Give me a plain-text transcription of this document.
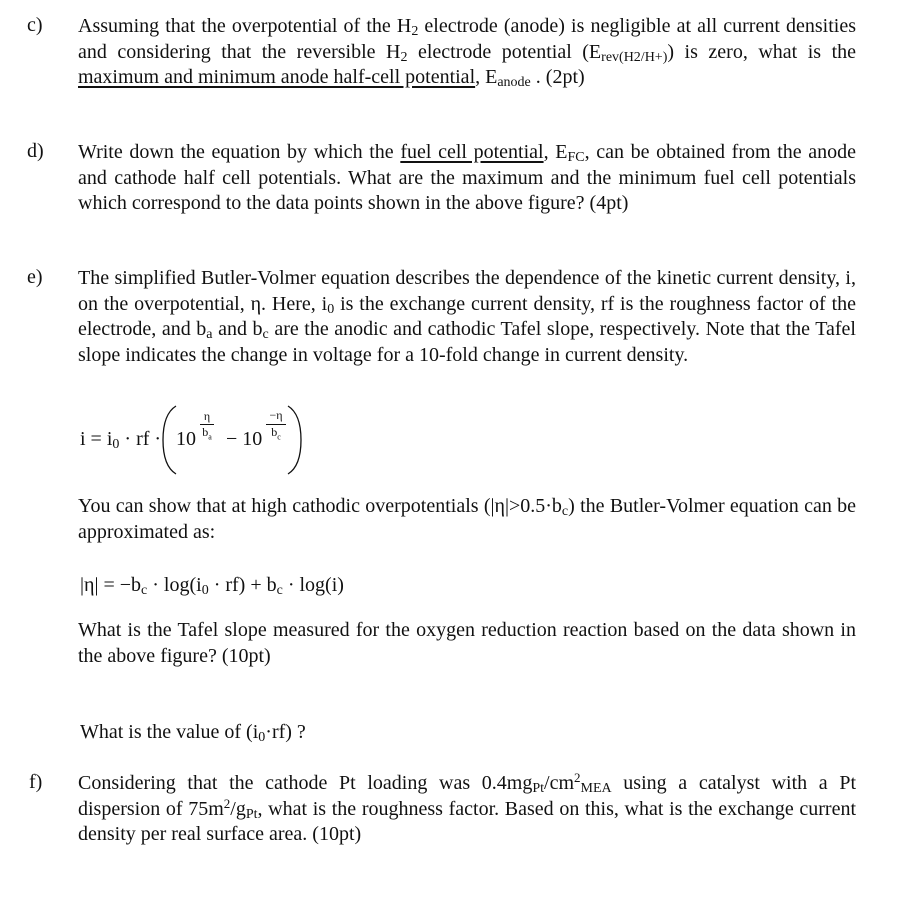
c) Assuming that the overpotential of the $H_2$ electrode (anode) is negligible at all current densities and considering that the reversible $H_2$ electrode potential $(E_{rev(H2/H+)})$ is zero, what is the maximum and minimum anode half-cell potential, $E_{anode}$ . (2pt)
d) Write down the equation by which the fuel cell potential, $E_{FC}$, can be obtained from the anode and cathode half cell potentials. What are the maximum and the minimum fuel cell potentials which correspond to the data points shown in the above figure? (4pt)
e) The simplified Butler-Volmer equation describes the dependence of the kinetic current density, i, on the overpotential, η. Here, $i_0$ is the exchange current density, rf is the roughness factor of the electrode, and $b_a$ and $b_c$ are the anodic and cathodic Tafel slope, respectively. Note that the Tafel slope indicates the change in voltage for a 10-fold change in current density.
$i = i_0$ · rf · 10
η
$b_a - 10$
−η
$b_c$
You can show that at high cathodic overpotentials $(|\eta|>0.5\cdot b_c)$ the Butler-Volmer equation can be approximated as:
$|\eta| = -b_c \cdot \log(i_0 \cdot rf) + b_c \cdot \log(i)$
What is the Tafel slope measured for the oxygen reduction reaction based on the data shown in the above figure? (10pt)
What is the value of $(i_0\cdot rf)$ ?
f) Considering that the cathode Pt loading was $0.4mg_{Pt}/cm^2_{MEA}$ using a catalyst with a Pt dispersion of $75m^2/g_{Pt}$, what is the roughness factor. Based on this, what is the exchange current density per real surface area. (10pt)
